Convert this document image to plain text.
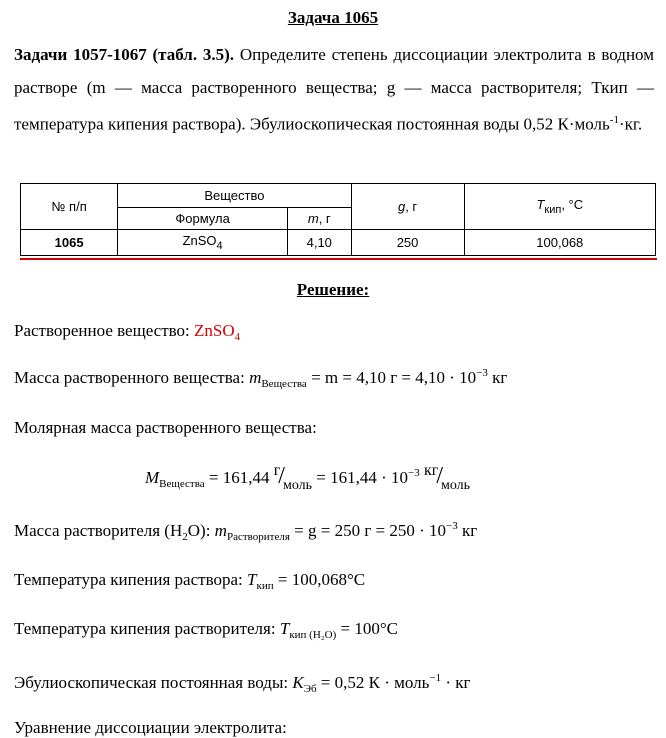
Задача 1065
Задачи 1057-1067 (табл. 3.5). Определите степень диссоциации электролита в водном растворе (m — масса растворенного вещества; g — масса растворителя; Ткип — температура кипения раствора). Эбулиоскопическая постоянная воды 0,52 К·моль$^{-1}$·кг.
№ п/п	Вещество		g, г	$T_{кип}$, °С
	Формула	m, г		
1065	ZnSO$_4$	4,10	250	100,068
Решение:
Растворенное вещество: ZnSO$_4$
Масса растворенного вещества: $m_{Вещества} = m = 4,10$ $г = 4,10 \cdot 10^{-3}$ кг
Молярная масса растворенного вещества:
$M_{Вещества} = 161,44$ $г/_{моль} = 161,44 \cdot 10^{-3}$ $кг/_{моль}$
Масса растворителя $(H_2O)$: $m_{Растворителя} = g = 250$ $г = 250 \cdot 10^{-3}$ кг
Температура кипения раствора: $T_{кип} = 100,068^\circ C$
Температура кипения растворителя: $T_{кип (H_2O)} = 100^\circ C$
Эбулиоскопическая постоянная воды: $K_{Эб} = 0,52$ К · моль$^{-1}$ · кг
Уравнение диссоциации электролита:
